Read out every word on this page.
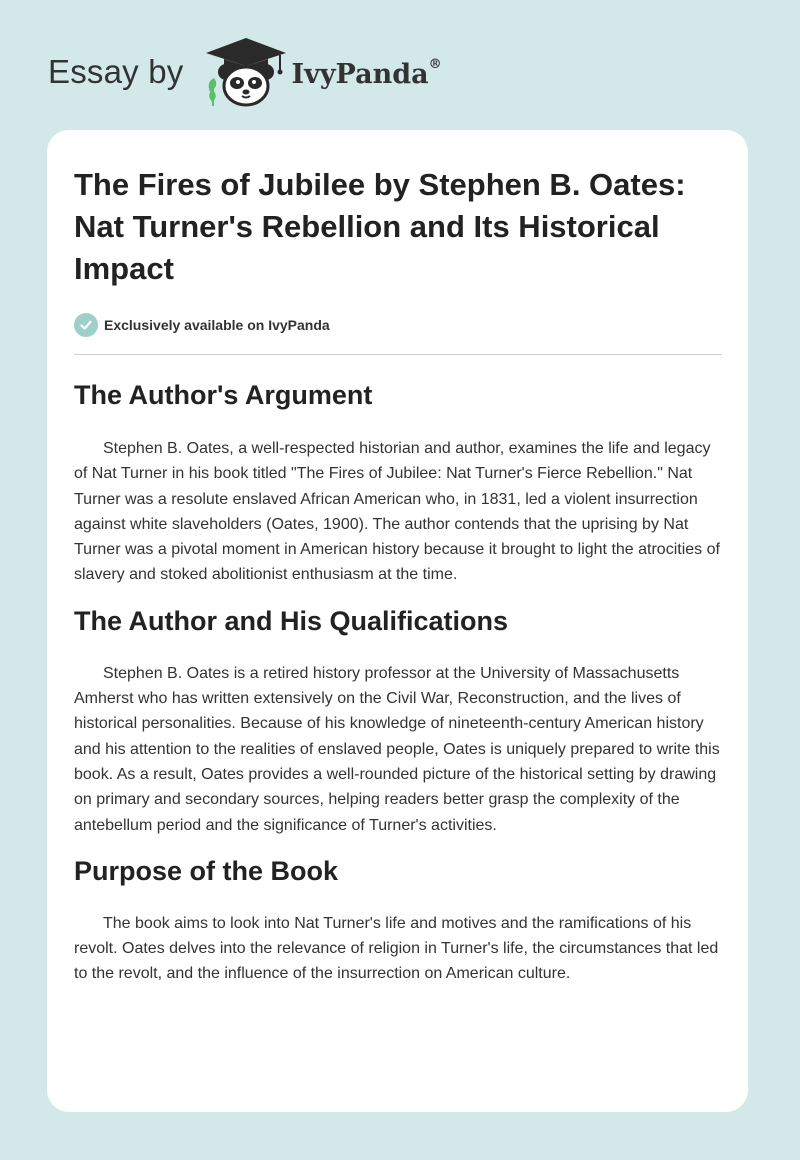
Essay by	IvyPanda®
The Fires of Jubilee by Stephen B. Oates: Nat Turner's Rebellion and Its Historical Impact
Exclusively available on IvyPanda
The Author's Argument

Stephen B. Oates, a well-respected historian and author, examines the life and legacy of Nat Turner in his book titled "The Fires of Jubilee: Nat Turner's Fierce Rebellion." Nat Turner was a resolute enslaved African American who, in 1831, led a violent insurrection against white slaveholders (Oates, 1900). The author contends that the uprising by Nat Turner was a pivotal moment in American history because it brought to light the atrocities of slavery and stoked abolitionist enthusiasm at the time.

The Author and His Qualifications

Stephen B. Oates is a retired history professor at the University of Massachusetts Amherst who has written extensively on the Civil War, Reconstruction, and the lives of historical personalities. Because of his knowledge of nineteenth-century American history and his attention to the realities of enslaved people, Oates is uniquely prepared to write this book. As a result, Oates provides a well-rounded picture of the historical setting by drawing on primary and secondary sources, helping readers better grasp the complexity of the antebellum period and the significance of Turner's activities.

Purpose of the Book

The book aims to look into Nat Turner's life and motives and the ramifications of his revolt. Oates delves into the relevance of religion in Turner's life, the circumstances that led to the revolt, and the influence of the insurrection on American culture.
